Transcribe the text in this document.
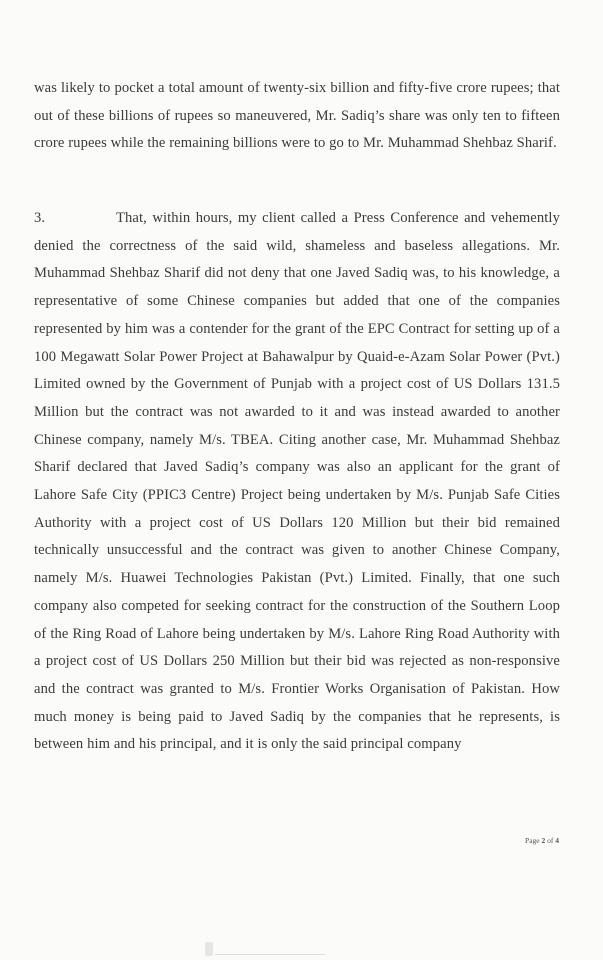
was likely to pocket a total amount of twenty-six billion and fifty-five crore rupees; that out of these billions of rupees so maneuvered, Mr. Sadiq’s share was only ten to fifteen crore rupees while the remaining billions were to go to Mr. Muhammad Shehbaz Sharif.

3.	That, within hours, my client called a Press Conference and vehemently denied the correctness of the said wild, shameless and baseless allegations. Mr. Muhammad Shehbaz Sharif did not deny that one Javed Sadiq was, to his knowledge, a representative of some Chinese companies but added that one of the companies represented by him was a contender for the grant of the EPC Contract for setting up of a 100 Megawatt Solar Power Project at Bahawalpur by Quaid-e-Azam Solar Power (Pvt.) Limited owned by the Government of Punjab with a project cost of US Dollars 131.5 Million but the contract was not awarded to it and was instead awarded to another Chinese company, namely M/s. TBEA. Citing another case, Mr. Muhammad Shehbaz Sharif declared that Javed Sadiq’s company was also an applicant for the grant of Lahore Safe City (PPIC3 Centre) Project being undertaken by M/s. Punjab Safe Cities Authority with a project cost of US Dollars 120 Million but their bid remained technically unsuccessful and the contract was given to another Chinese Company, namely M/s. Huawei Technologies Pakistan (Pvt.) Limited. Finally, that one such company also competed for seeking contract for the construction of the Southern Loop of the Ring Road of Lahore being undertaken by M/s. Lahore Ring Road Authority with a project cost of US Dollars 250 Million but their bid was rejected as non-responsive and the contract was granted to M/s. Frontier Works Organisation of Pakistan. How much money is being paid to Javed Sadiq by the companies that he represents, is between him and his principal, and it is only the said principal company

Page 2 of 4
